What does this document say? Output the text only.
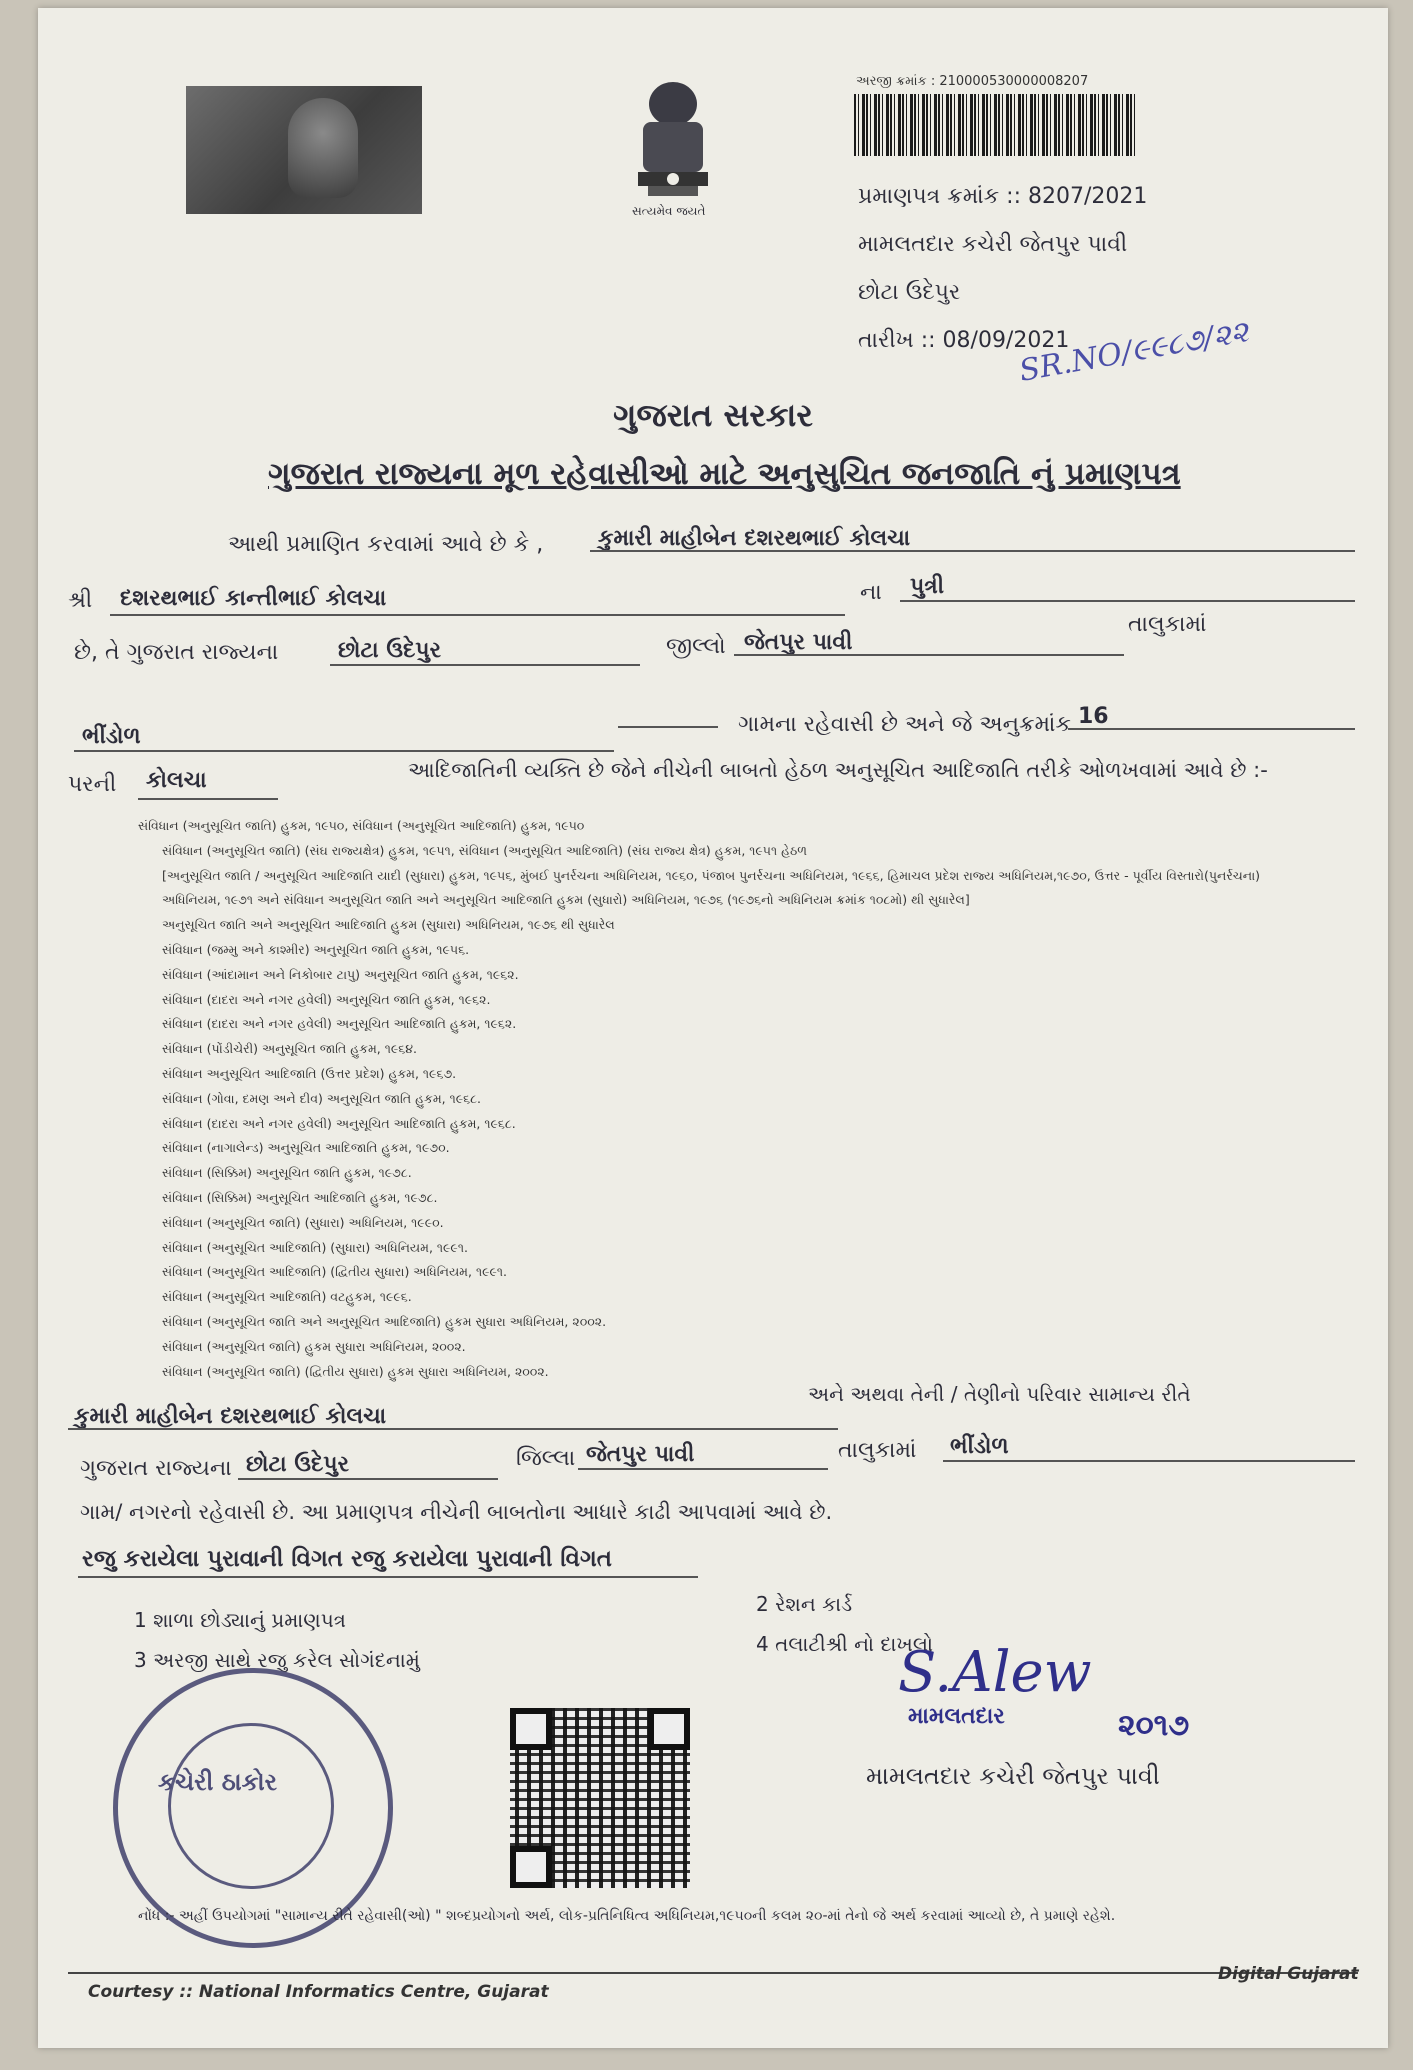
સત્યમેવ જયતે
અરજી ક્રમાંક : 210000530000008207
પ્રમાણપત્ર ક્રમાંક :: 8207/2021
મામલતદાર કચેરી જેતપુર પાવી
છોટા ઉદેપુર
તારીખ :: 08/09/2021
SR.NO/૯૯૮૭/૨૨
ગુજરાત સરકાર
ગુજરાત રાજ્યના મૂળ રહેવાસીઓ માટે અનુસુચિત જનજાતિ નું પ્રમાણપત્ર
આથી પ્રમાણિત કરવામાં આવે છે કે , કુમારી માહીબેન દશરથભાઈ કોલચા
શ્રી દશરથભાઈ કાન્તીભાઈ કોલચા	ના પુત્રી
છે, તે ગુજરાત રાજ્યના	છોટા ઉદેપુર	જીલ્લો જેતપુર પાવી
તાલુકામાં
ભીંડોળ	ગામના રહેવાસી છે અને જે અનુક્રમાંક 16
પરની કોલચા	આદિજાતિની વ્યક્તિ છે જેને નીચેની બાબતો હેઠળ અનુસૂચિત આદિજાતિ તરીકે ઓળખવામાં આવે છે :-
સંવિધાન (અનુસૂચિત જાતિ) હુકમ, ૧૯૫૦, સંવિધાન (અનુસૂચિત આદિજાતિ) હુકમ, ૧૯૫૦
સંવિધાન (અનુસૂચિત જાતિ) (સંઘ રાજ્યક્ષેત્ર) હુકમ, ૧૯૫૧, સંવિધાન (અનુસૂચિત આદિજાતિ) (સંઘ રાજ્ય ક્ષેત્ર) હુકમ, ૧૯૫૧ હેઠળ
[અનુસૂચિત જાતિ / અનુસૂચિત આદિજાતિ યાદી (સુધારા) હુકમ, ૧૯૫૬, મુંબઈ પુનર્રચના અધિનિયમ, ૧૯૬૦, પંજાબ પુનર્રચના અધિનિયમ, ૧૯૬૬, હિમાચલ પ્રદેશ રાજ્ય અધિનિયમ,૧૯૭૦, ઉત્તર - પૂર્વીય વિસ્તારો(પુનર્રચના)
અધિનિયમ, ૧૯૭૧ અને સંવિધાન અનુસૂચિત જાતિ અને અનુસૂચિત આદિજાતિ હુકમ (સુધારો) અધિનિયમ, ૧૯૭૬ (૧૯૭૬નો અધિનિયમ ક્રમાંક ૧૦૮મો) થી સુધારેલ]
અનુસૂચિત જાતિ અને અનુસૂચિત આદિજાતિ હુકમ (સુધારા) અધિનિયમ, ૧૯૭૬ થી સુધારેલ
સંવિધાન (જમ્મુ અને કાશ્મીર) અનુસૂચિત જાતિ હુકમ, ૧૯૫૬.
સંવિધાન (આંદામાન અને નિકોબાર ટાપુ) અનુસૂચિત જાતિ હુકમ, ૧૯૬૨.
સંવિધાન (દાદરા અને નગર હવેલી) અનુસૂચિત જાતિ હુકમ, ૧૯૬૨.
સંવિધાન (દાદરા અને નગર હવેલી) અનુસૂચિત આદિજાતિ હુકમ, ૧૯૬૨.
સંવિધાન (પોંડીચેરી) અનુસૂચિત જાતિ હુકમ, ૧૯૬૪.
સંવિધાન અનુસૂચિત આદિજાતિ (ઉત્તર પ્રદેશ) હુકમ, ૧૯૬૭.
સંવિધાન (ગોવા, દમણ અને દીવ) અનુસૂચિત જાતિ હુકમ, ૧૯૬૮.
સંવિધાન (દાદરા અને નગર હવેલી) અનુસૂચિત આદિજાતિ હુકમ, ૧૯૬૮.
સંવિધાન (નાગાલેન્ડ) અનુસૂચિત આદિજાતિ હુકમ, ૧૯૭૦.
સંવિધાન (સિક્કિમ) અનુસૂચિત જાતિ હુકમ, ૧૯૭૮.
સંવિધાન (સિક્કિમ) અનુસૂચિત આદિજાતિ હુકમ, ૧૯૭૮.
સંવિધાન (અનુસૂચિત જાતિ) (સુધારા) અધિનિયમ, ૧૯૯૦.
સંવિધાન (અનુસૂચિત આદિજાતિ) (સુધારા) અધિનિયમ, ૧૯૯૧.
સંવિધાન (અનુસૂચિત આદિજાતિ) (દ્વિતીય સુધારા) અધિનિયમ, ૧૯૯૧.
સંવિધાન (અનુસૂચિત આદિજાતિ) વટહુકમ, ૧૯૯૬.
સંવિધાન (અનુસૂચિત જાતિ અને અનુસૂચિત આદિજાતિ) હુકમ સુધારા અધિનિયમ, ૨૦૦૨.
સંવિધાન (અનુસૂચિત જાતિ) હુકમ સુધારા અધિનિયમ, ૨૦૦૨.
સંવિધાન (અનુસૂચિત જાતિ) (દ્વિતીય સુધારા) હુકમ સુધારા અધિનિયમ, ૨૦૦૨.
કુમારી માહીબેન દશરથભાઈ કોલચા
અને અથવા તેની / તેણીનો પરિવાર સામાન્ય રીતે
ગુજરાત રાજ્યના છોટા ઉદેપુર	જિલ્લા જેતપુર પાવી	તાલુકામાં ભીંડોળ
ગામ/ નગરનો રહેવાસી છે. આ પ્રમાણપત્ર નીચેની બાબતોના આધારે કાઢી આપવામાં આવે છે.
રજુ કરાયેલા પુરાવાની વિગત રજુ કરાયેલા પુરાવાની વિગત
1 શાળા છોડ્યાનું પ્રમાણપત્ર
2 રેશન કાર્ડ
3 અરજી સાથે રજુ કરેલ સોગંદનામું
4 તલાટીશ્રી નો દાખલો
કચેરી ઠાકોર
S.Alew
મામલતદાર	૨૦૧૭
મામલતદાર કચેરી જેતપુર પાવી
નોંધ :- અહીં ઉપયોગમાં "સામાન્ય રીતે રહેવાસી(ઓ) " શબ્દપ્રયોગનો અર્થ, લોક-પ્રતિનિધિત્વ અધિનિયમ,૧૯૫૦ની કલમ ૨૦-માં તેનો જે અર્થ કરવામાં આવ્યો છે, તે પ્રમાણે રહેશે.
Courtesy :: National Informatics Centre, Gujarat
Digital Gujarat
